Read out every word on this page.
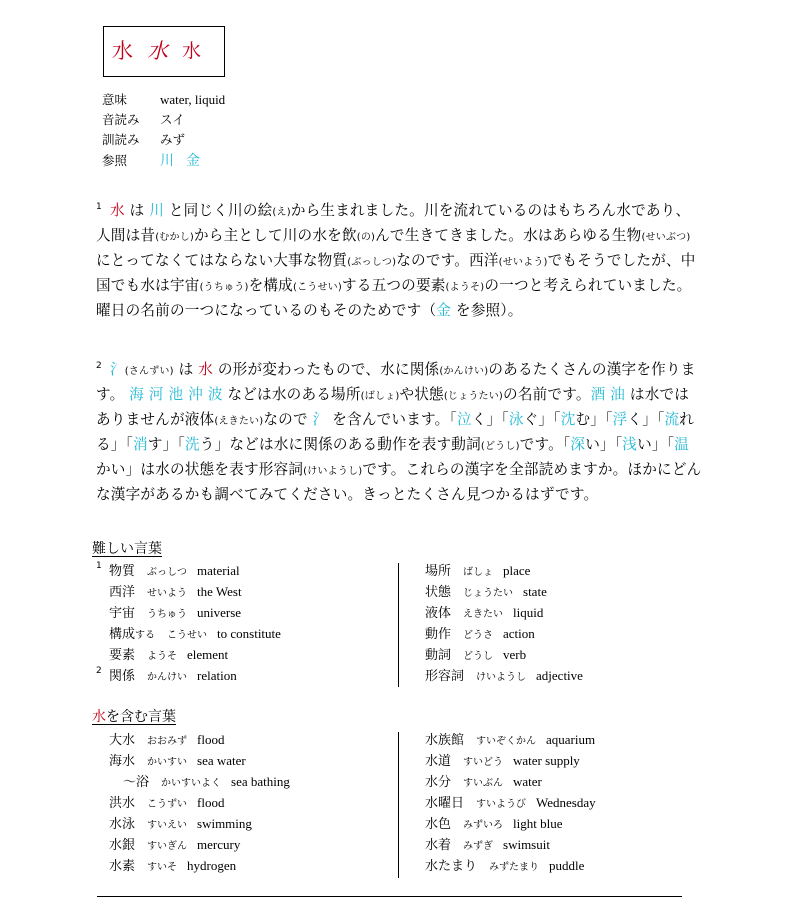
水 水 水
意味	water, liquid
音読み スイ
訓読み みず
参照 川 金
$^1$ 水 は 川 と同じく川の絵(え)から生まれました。川を流れているのはもちろん水であり、人間は昔(むかし)から主として川の水を飲(の)んで生きてきました。水はあらゆる生物(せいぶつ)にとってなくてはならない大事な物質(ぶっしつ)なのです。西洋(せいよう)でもそうでしたが、中国でも水は宇宙(うちゅう)を構成(こうせい)する五つの要素(ようそ)の一つと考えられていました。曜日の名前の一つになっているのもそのためです（金 を参照）。
$^2$ 氵(さんずい) は 水 の形が変わったもので、水に関係(かんけい)のあるたくさんの漢字を作ります。 海 河 池 沖 波 などは水のある場所(ばしょ)や状態(じょうたい)の名前です。酒 油 は水ではありませんが液体(えきたい)なので 氵 を含んでいます。「泣く」「泳ぐ」「沈む」「浮く」「流れる」「消す」「洗う」などは水に関係のある動作を表す動詞(どうし)です。「深い」「浅い」「温かい」は水の状態を表す形容詞(けいようし)です。これらの漢字を全部読めますか。ほかにどんな漢字があるかも調べてみてください。きっとたくさん見つかるはずです。
難しい言葉
1 物質 ぶっしつ material
西洋 せいよう the West
宇宙 うちゅう universe
構成する こうせい to constitute
要素 ようそ element
2 関係 かんけい relation
場所 ばしょ place
状態 じょうたい state
液体 えきたい liquid
動作 どうさ action
動詞 どうし verb
形容詞 けいようし adjective
水を含む言葉
大水 おおみず flood
海水 かいすい sea water
～浴 かいすいよく sea bathing
洪水 こうずい flood
水泳 すいえい swimming
水銀 すいぎん mercury
水素 すいそ hydrogen
水族館 すいぞくかん aquarium
水道 すいどう water supply
水分 すいぶん water
水曜日 すいようび Wednesday
水色 みずいろ light blue
水着 みずぎ swimsuit
水たまり みずたまり puddle
